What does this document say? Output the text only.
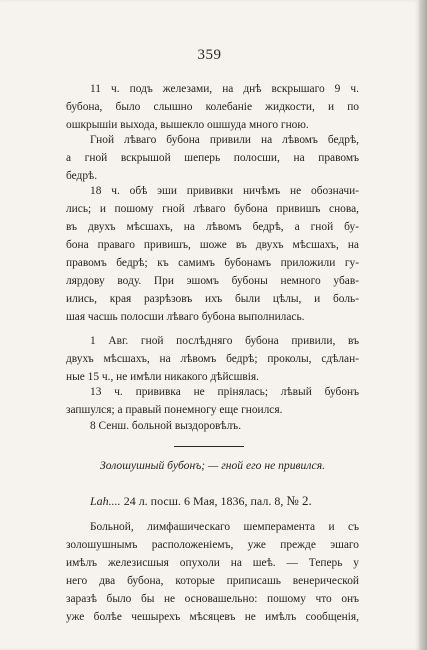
359
11 ч. подъ железами, на днѣ вскрышаго 9 ч.
бубона, было слышно колебаніе жидкости, и по
ошкрышіи выхода, вышекло ошшуда много гною.
Гной лѣваго бубона привили на лѣвомъ бедрѣ,
а гной вскрышой шеперь полосши, на правомъ
бедрѣ.
18 ч. обѣ эши прививки ничѣмъ не обозначи-
лись; и пошому гной лѣваго бубона привишъ снова,
въ двухъ мѣсшахъ, на лѣвомъ бедрѣ, а гной бу-
бона праваго привишъ, шоже въ двухъ мѣсшахъ, на
правомъ бедрѣ; къ самимъ бубонамъ приложили гу-
лярдову воду. При эшомъ бубоны немного убав-
ились, края разрѣзовъ ихъ были цѣлы, и боль-
шая часшь полосши лѣваго бубона выполнилась.
1 Авг. гной послѣдняго бубона привили, въ
двухъ мѣсшахъ, на лѣвомъ бедрѣ; проколы, сдѣлан-
ные 15 ч., не имѣли никакого дѣйсшвія.
13 ч. прививка не прінялась; лѣвый бубонъ
запшулся; а правый понемногу еще гноился.
8 Сенш. больной выздоровѣлъ.
Золошушный бубонъ; — гной его не привился.
Lah.... 24 л. посш. 6 Мая, 1836, пал. 8, № 2.
Больной, лимфашическаго шемперамента и съ
золошушнымъ расположеніемъ, уже прежде эшаго
имѣлъ железисшыя опухоли на шеѣ. — Теперь у
него два бубона, которые приписашь венерической
заразѣ было бы не основашельно: пошому что онъ
уже болѣе чешырехъ мѣсяцевъ не имѣлъ сообщенія,
